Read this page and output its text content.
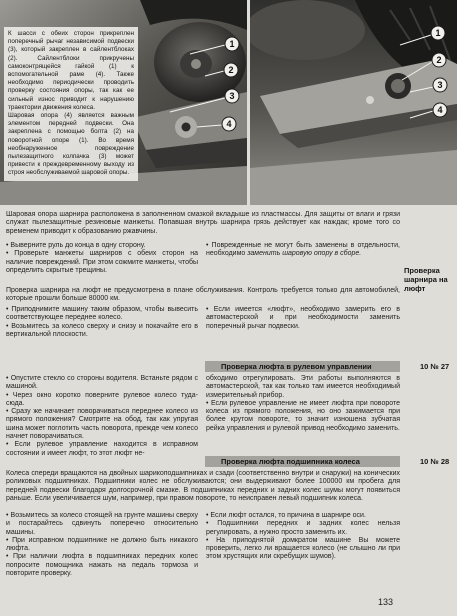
1
2
3
4

К шасси с обеих сторон прикреплен поперечный рычаг независимой подвески (3), который закреплен в сайлентблоках (2). Сайлентблоки прикручены самоконтрящейся гайкой (1) к вспомогательной раме (4). Также необходимо периодически проводить проверку состояния опоры, так как ее сильный износ приводит к нарушению траектории движения колеса.

Шаровая опора (4) является важным элементом передней подвески. Она закреплена с помощью болта (2) на поворотной опоре (1). Во время необнаруженное повреждение пылезащитного колпачка (3) может привести к преждевременному выходу из строя необслуживаемой шаровой опоры.

1
2
3
4

Шаровая опора шарнира расположена в заполненном смазкой вкладыше из пластмассы. Для защиты от влаги и грязи служат пылезащитные резиновые манжеты. Попавшая внутрь шарнира грязь действует как наждак; кроме того со временем приводит к образованию ржавчины.

• Выверните руль до конца в одну сторону.

• Проверьте манжеты шарниров с обеих сторон на наличие повреждений. При этом сожмите манжеты, чтобы определить скрытые трещины.

• Поврежденные не могут быть заменены в отдельности, необходимо заменить шаровую опору в сборе.

Проверка шарнира на люфт

Проверка шарнира на люфт не предусмотрена в плане обслуживания. Контроль требуется только для автомобилей, которые прошли больше 80000 км.

• Приподнимите машину таким образом, чтобы вывесить соответствующее переднее колесо.

• Возьмитесь за колесо сверху и снизу и покачайте его в вертикальной плоскости.

• Если имеется «люфт», необходимо замерить его в автомастерской и при необходимости заменить поперечный рычаг подвески.

Проверка люфта в рулевом управлении	10 № 27

• Опустите стекло со стороны водителя. Встаньте рядом с машиной.

• Через окно коротко поверните рулевое колесо туда-сюда.

• Сразу же начинает поворачиваться переднее колесо из прямого положения? Смотрите на обод, так как упругая шина может поглотить часть поворота, прежде чем колесо начнет поворачиваться.

• Если рулевое управление находится в исправном состоянии и имеет люфт, то этот люфт не-

обходимо отрегулировать. Эти работы выполняются в автомастерской, так как только там имеется необходимый измерительный прибор.

• Если рулевое управление не имеет люфта при повороте колеса из прямого положения, но оно зажимается при более крутом повороте, то значит изношена зубчатая рейка управления и рулевой привод необходимо заменить.

Проверка люфта подшипника колеса	10 № 28

Колеса спереди вращаются на двойных шарикоподшипниках и сзади (соответственно внутри и снаружи) на конических роликовых подшипниках. Подшипники колес не обслуживаются; они выдерживают более 100000 км пробега для передней подвески благодаря долгосрочной смазке. В подшипниках передних и задних колес шумы могут появиться раньше. Если увеличивается шум, например, при правом повороте, то неисправен левый подшипник колеса.

• Возьмитесь за колесо стоящей на грунте машины сверху и постарайтесь сдвинуть поперечно относительно машины.

• При исправном подшипнике не должно быть никакого люфта.

• При наличии люфта в подшипниках передних колес попросите помощника нажать на педаль тормоза и повторите проверку.

• Если люфт остался, то причина в шарнире оси.

• Подшипники передних и задних колес нельзя регулировать, а нужно просто заменить их.

• На приподнятой домкратом машине Вы можете проверить, легко ли вращается колесо (не слышно ли при этом хрустящих или скребущих шумов).

133
